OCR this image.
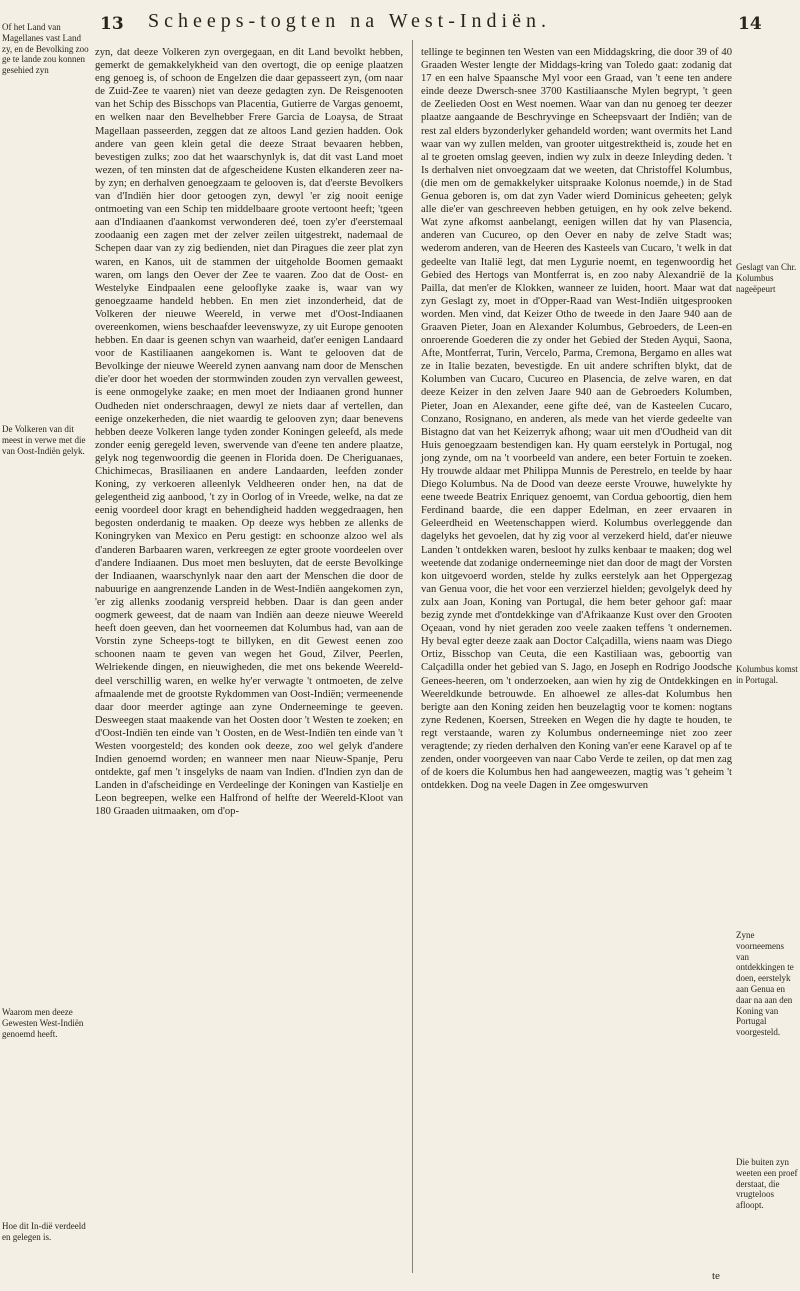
13 Scheeps-togten na West-Indiën.	14
Of het Land van Magellanes vast Land zy, en de Bevolking zoo ge te lande zou konnen gesehied zyn
De Volkeren van dit meest in verwe met die van Oost-Indiën gelyk.
Waarom men deeze Gewesten West-Indiën genoemd heeft.
Hoe dit In-dië verdeeld en gelegen is.
Geslagt van Chr. Kolumbus nageëpeurt
Kolumbus komst in Portugal.
Zyne voorneemens van ontdekkingen te doen, eerstelyk aan Genua en daar na aan den Koning van Portugal voorgesteld.
Die buiten zyn weeten een proef derstaat, die vrugteloos afloopt.

zyn, dat deeze Volkeren zyn overgegaan, en dit Land bevolkt hebben, gemerkt de gemakkelykheid van den overtogt, die op eenige plaatzen eng genoeg is, of schoon de Engelzen die daar gepasseert zyn, (om naar de Zuid-Zee te vaaren) niet van deeze gedagten zyn. De Reisgenooten van het Schip des Bisschops van Placentia, Gutierre de Vargas genoemt, en welken naar den Bevelhebber Frere Garcia de Loaysa, de Straat Magellaan passeerden, zeggen dat ze altoos Land gezien hadden. Ook andere van geen klein getal die deeze Straat bevaaren hebben, bevestigen zulks; zoo dat het waarschynlyk is, dat dit vast Land moet wezen, of ten minsten dat de afgescheidene Kusten elkanderen zeer na-by zyn; en derhalven genoegzaam te gelooven is, dat d'eerste Bevolkers van d'Indiën hier door getoogen zyn, dewyl 'er zig nooit eenige ontmoeting van een Schip ten middelbaare groote vertoont heeft; 'tgeen aan d'Indiaanen d'aankomst verwonderen deé, toen zy'er d'eerstemaal zoodaanig een zagen met der zelver zeilen uitgestrekt, nademaal de Schepen daar van zy zig bedienden, niet dan Piragues die zeer plat zyn waren, en Kanos, uit de stammen der uitgeholde Boomen gemaakt waren, om langs den Oever der Zee te vaaren. Zoo dat de Oost- en Westelyke Eindpaalen eene gelooflyke zaake is, waar van wy genoegzaame handeld hebben. En men ziet inzonderheid, dat de Volkeren der nieuwe Weereld, in verwe met d'Oost-Indiaanen overeenkomen, wiens beschaafder leevenswyze, zy uit Europe genooten hebben. En daar is geenen schyn van waarheid, dat'er eenigen Landaard voor de Kastiliaanen aangekomen is. Want te gelooven dat de Bevolkinge der nieuwe Weereld zynen aanvang nam door de Menschen die'er door het woeden der stormwinden zouden zyn vervallen geweest, is eene onmogelyke zaake; en men moet der Indiaanen grond hunner Oudheden niet onderschraagen, dewyl ze niets daar af vertellen, dan eenige onzekerheden, die niet waardig te gelooven zyn; daar benevens hebben deeze Volkeren lange tyden zonder Koningen geleefd, als mede zonder eenig geregeld leven, swervende van d'eene ten andere plaatze, gelyk nog tegenwoordig die geenen in Florida doen. De Cheriguanaes, Chichimecas, Brasiliaanen en andere Landaarden, leefden zonder Koning, zy verkoeren alleenlyk Veldheeren onder hen, na dat de gelegentheid zig aanbood, 't zy in Oorlog of in Vreede, welke, na dat ze eenig voordeel door kragt en behendigheid hadden weggedraagen, hen begosten onderdanig te maaken. Op deeze wys hebben ze allenks de Koningryken van Mexico en Peru gestigt: en schoonze alzoo wel als d'anderen Barbaaren waren, verkreegen ze egter groote voordeelen over d'andere Indiaanen. Dus moet men besluyten, dat de eerste Bevolkinge der Indiaanen, waarschynlyk naar den aart der Menschen die door de nabuurige en aangrenzende Landen in de West-Indiën aangekomen zyn, 'er zig allenks zoodanig verspreid hebben. Daar is dan geen ander oogmerk geweest, dat de naam van Indiën aan deeze nieuwe Weereld heeft doen geeven, dan het voorneemen dat Kolumbus had, van aan de Vorstin zyne Scheeps-togt te billyken, en dit Gewest eenen zoo schoonen naam te geven van wegen het Goud, Zilver, Peerlen, Welriekende dingen, en nieuwigheden, die met ons bekende Weereld-deel verschillig waren, en welke hy'er verwagte 't ontmoeten, de zelve afmaalende met de grootste Rykdommen van Oost-Indiën; vermeenende daar door meerder agtinge aan zyne Onderneeminge te geeven. Desweegen staat maakende van het Oosten door 't Westen te zoeken; en d'Oost-Indiën ten einde van 't Oosten, en de West-Indiën ten einde van 't Westen voorgesteld; des konden ook deeze, zoo wel gelyk d'andere Indien genoemd worden; en wanneer men naar Nieuw-Spanje, Peru ontdekte, gaf men 't insgelyks de naam van Indien. d'Indien zyn dan de Landen in d'afscheidinge en Verdeelinge der Koningen van Kastielje en Leon begreepen, welke een Halfrond of helfte der Weereld-Kloot van 180 Graaden uitmaaken, om d'op-

tellinge te beginnen ten Westen van een Middagskring, die door 39 of 40 Graaden Wester lengte der Middags-kring van Toledo gaat: zodanig dat 17 en een halve Spaansche Myl voor een Graad, van 't eene ten andere einde deeze Dwersch-snee 3700 Kastiliaansche Mylen begrypt, 't geen de Zeelieden Oost en West noemen. Waar van dan nu genoeg ter deezer plaatze aangaande de Beschryvinge en Scheepsvaart der Indiën; van de rest zal elders byzonderlyker gehandeld worden; want overmits het Land waar van wy zullen melden, van grooter uitgestrektheid is, zoude het en al te groeten omslag geeven, indien wy zulx in deeze Inleyding deden. 't Is derhalven niet onvoegzaam dat we weeten, dat Christoffel Kolumbus, (die men om de gemakkelyker uitspraake Kolonus noemde,) in de Stad Genua geboren is, om dat zyn Vader wierd Dominicus geheeten; gelyk alle die'er van geschreeven hebben getuigen, en hy ook zelve bekend. Wat zyne afkomst aanbelangt, eenigen willen dat hy van Plasencia, anderen van Cucureo, op den Oever en naby de zelve Stadt was; wederom anderen, van de Heeren des Kasteels van Cucaro, 't welk in dat gedeelte van Italië legt, dat men Lygurie noemt, en tegenwoordig het Gebied des Hertogs van Montferrat is, en zoo naby Alexandrië de la Pailla, dat men'er de Klokken, wanneer ze luiden, hoort. Maar wat dat zyn Geslagt zy, moet in d'Opper-Raad van West-Indiën uitgesprooken worden. Men vind, dat Keizer Otho de tweede in den Jaare 940 aan de Graaven Pieter, Joan en Alexander Kolumbus, Gebroeders, de Leen-en onroerende Goederen die zy onder het Gebied der Steden Ayqui, Saona, Afte, Montferrat, Turin, Vercelo, Parma, Cremona, Bergamo en alles wat ze in Italie bezaten, bevestigde. En uit andere schriften blykt, dat de Kolumben van Cucaro, Cucureo en Plasencia, de zelve waren, en dat deeze Keizer in den zelven Jaare 940 aan de Gebroeders Kolumben, Pieter, Joan en Alexander, eene gifte deé, van de Kasteelen Cucaro, Conzano, Rosignano, en anderen, als mede van het vierde gedeelte van Bistagno dat van het Keizerryk afhong; waar uit men d'Oudheid van dit Huis genoegzaam bestendigen kan. Hy quam eerstelyk in Portugal, nog jong zynde, om na 't voorbeeld van andere, een beter Fortuin te zoeken. Hy trouwde aldaar met Philippa Munnis de Perestrelo, en teelde by haar Diego Kolumbus. Na de Dood van deeze eerste Vrouwe, huwelykte hy eene tweede Beatrix Enriquez genoemt, van Cordua geboortig, dien hem Ferdinand baarde, die een dapper Edelman, en zeer ervaaren in Geleerdheid en Weetenschappen wierd. Kolumbus overleggende dan dagelyks het gevoelen, dat hy zig voor al verzekerd hield, dat'er nieuwe Landen 't ontdekken waren, besloot hy zulks kenbaar te maaken; dog wel weetende dat zodanige onderneeminge niet dan door de magt der Vorsten kon uitgevoerd worden, stelde hy zulks eerstelyk aan het Oppergezag van Genua voor, die het voor een verzierzel hielden; gevolgelyk deed hy zulx aan Joan, Koning van Portugal, die hem beter gehoor gaf: maar bezig zynde met d'ontdekkinge van d'Afrikaanze Kust over den Grooten Oçeaan, vond hy niet geraden zoo veele zaaken teffens 't ondernemen. Hy beval egter deeze zaak aan Doctor Calçadilla, wiens naam was Diego Ortiz, Bisschop van Ceuta, die een Kastiliaan was, geboortig van Calçadilla onder het gebied van S. Jago, en Joseph en Rodrigo Joodsche Genees-heeren, om 't onderzoeken, aan wien hy zig de Ontdekkingen en Weereldkunde betrouwde. En alhoewel ze alles-dat Kolumbus hen berigte aan den Koning zeiden hen beuzelagtig voor te komen: nogtans zyne Redenen, Koersen, Streeken en Wegen die hy dagte te houden, te regt verstaande, waren zy Kolumbus onderneeminge niet zoo zeer veragtende; zy rieden derhalven den Koning van'er eene Karavel op af te zenden, onder voorgeeven van naar Cabo Verde te zeilen, op dat men zag of de koers die Kolumbus hen had aangeweezen, magtig was 't geheim 't ontdekken. Dog na veele Dagen in Zee omgeswurven

te
